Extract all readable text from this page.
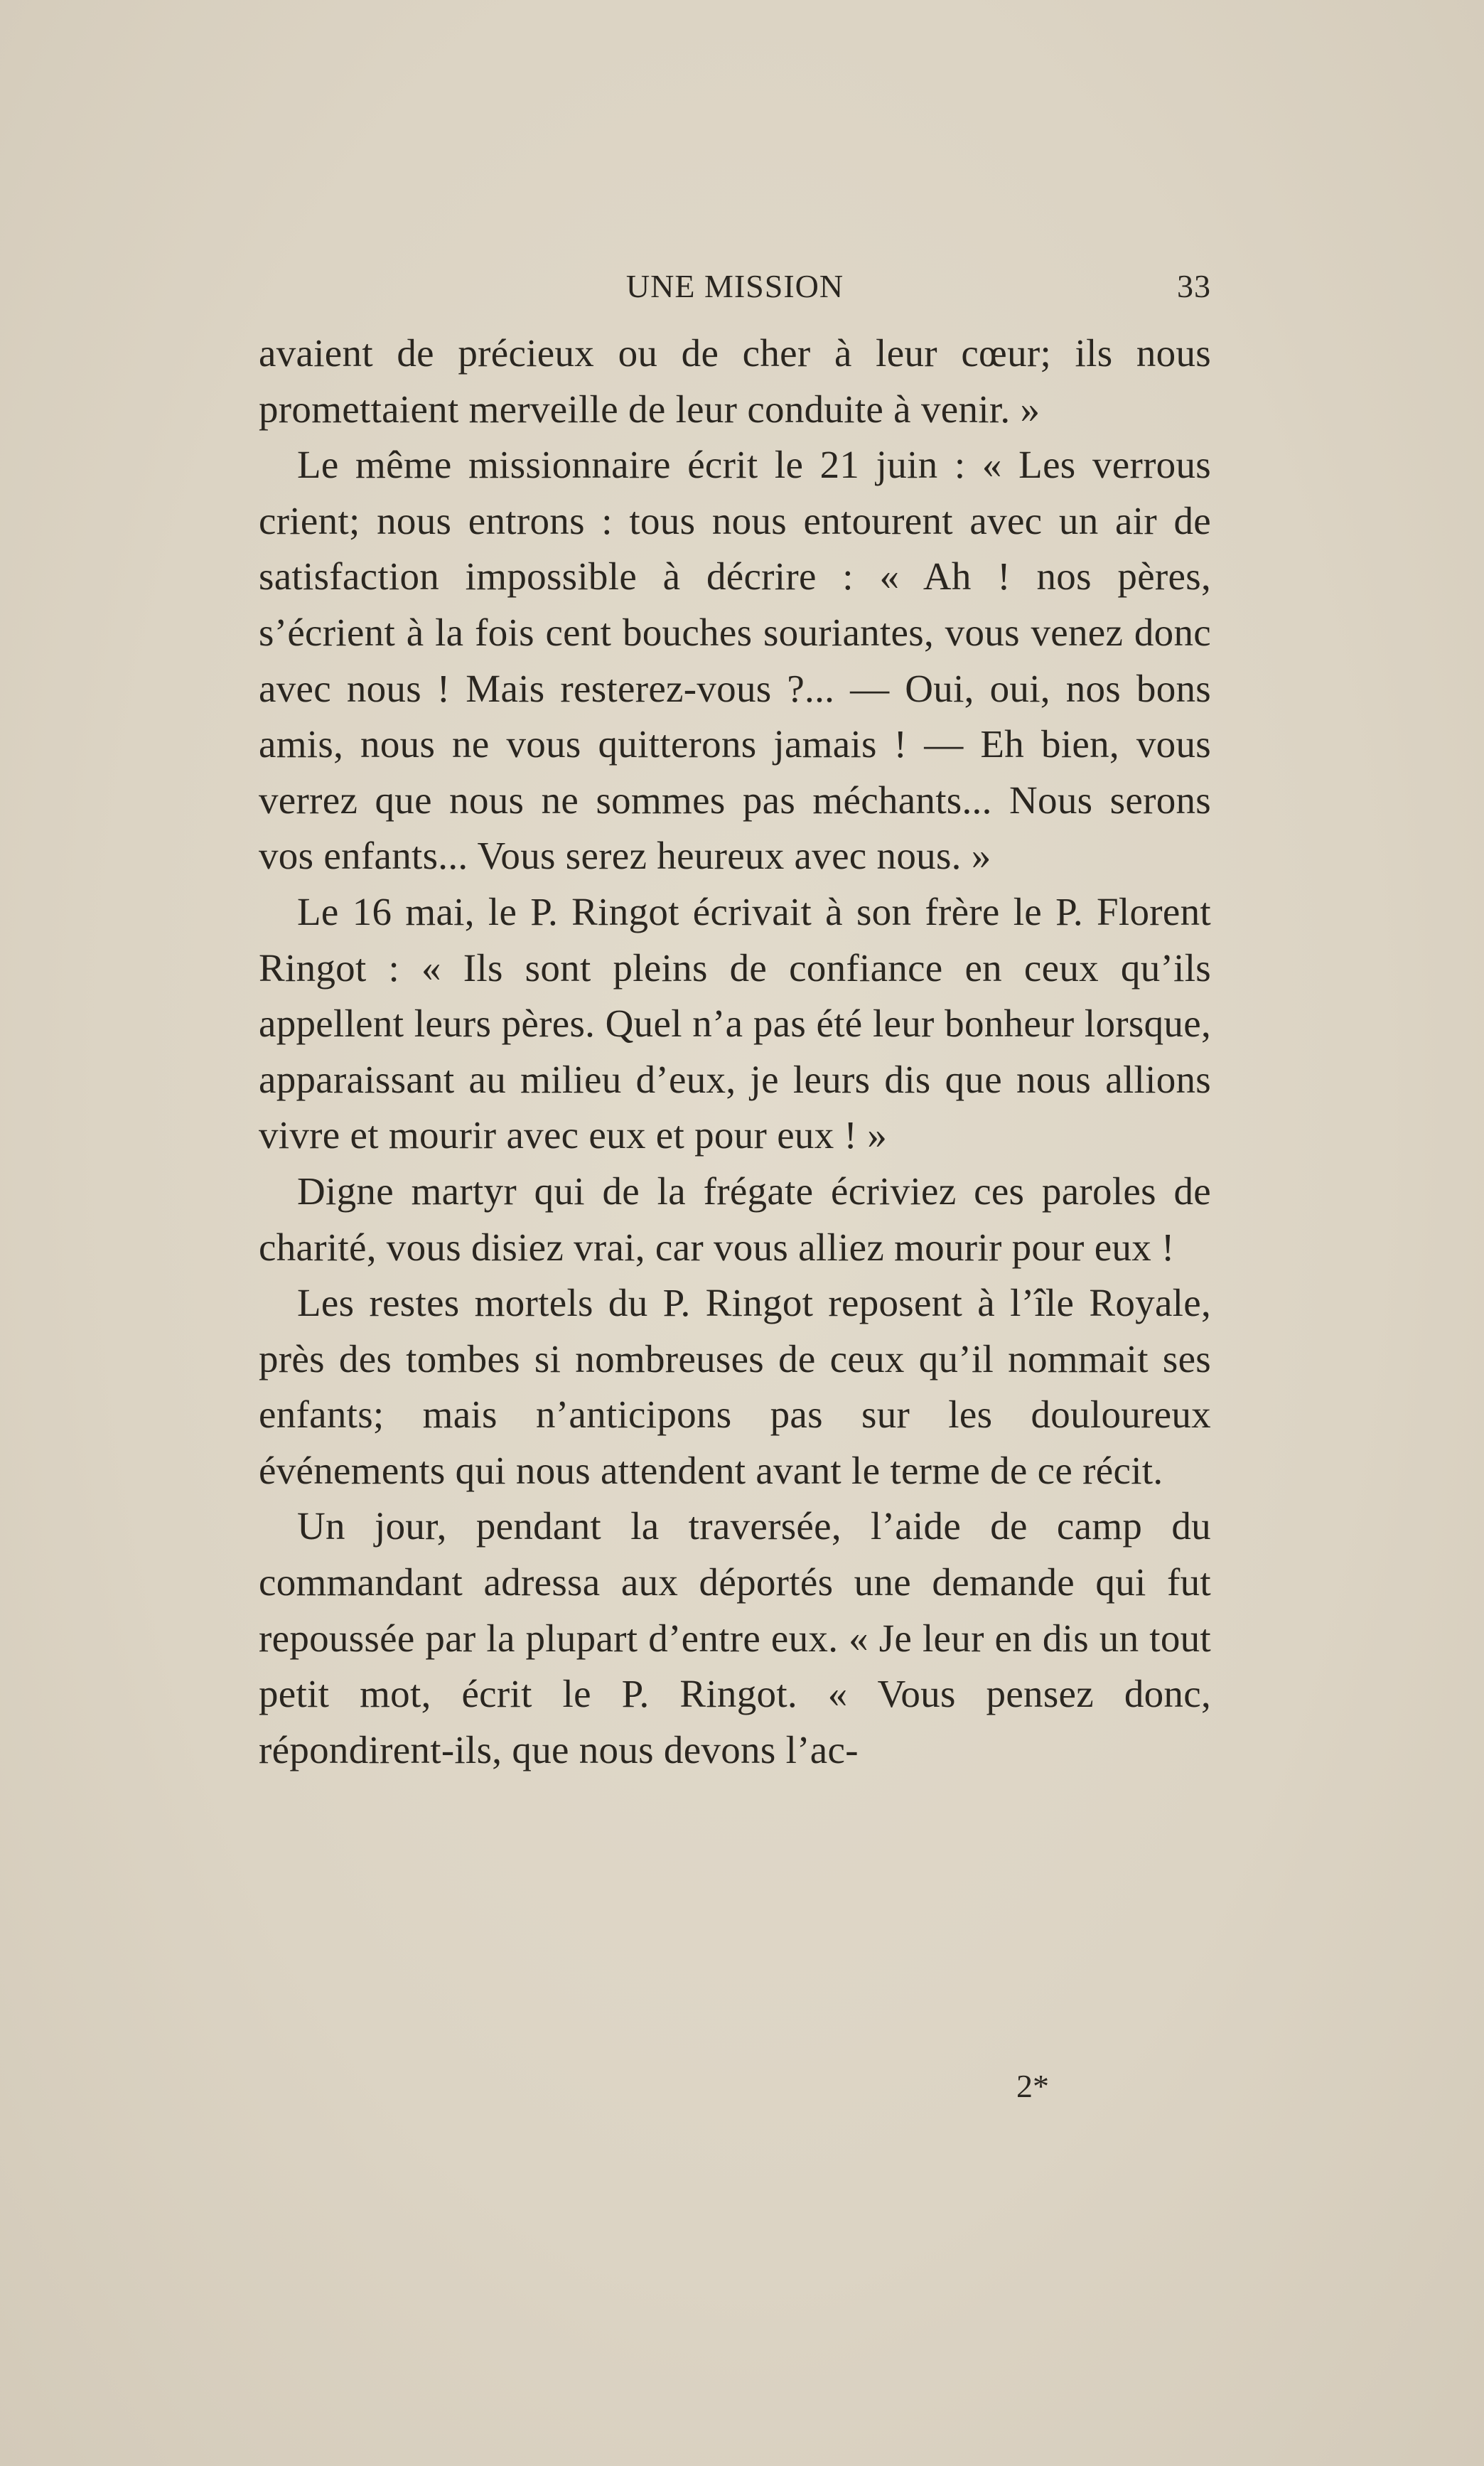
UNE MISSION	33

avaient de précieux ou de cher à leur cœur; ils nous promettaient merveille de leur conduite à venir. »

Le même missionnaire écrit le 21 juin : « Les verrous crient; nous entrons : tous nous entourent avec un air de satisfaction impossible à décrire : « Ah ! nos pères, s’écrient à la fois cent bouches souriantes, vous venez donc avec nous ! Mais resterez-vous ?... — Oui, oui, nos bons amis, nous ne vous quitterons jamais ! — Eh bien, vous verrez que nous ne sommes pas méchants... Nous serons vos enfants... Vous serez heureux avec nous. »

Le 16 mai, le P. Ringot écrivait à son frère le P. Florent Ringot : « Ils sont pleins de confiance en ceux qu’ils appellent leurs pères. Quel n’a pas été leur bonheur lorsque, apparaissant au milieu d’eux, je leurs dis que nous allions vivre et mourir avec eux et pour eux ! »

Digne martyr qui de la frégate écriviez ces paroles de charité, vous disiez vrai, car vous alliez mourir pour eux !

Les restes mortels du P. Ringot reposent à l’île Royale, près des tombes si nombreuses de ceux qu’il nommait ses enfants; mais n’anticipons pas sur les douloureux événements qui nous attendent avant le terme de ce récit.

Un jour, pendant la traversée, l’aide de camp du commandant adressa aux déportés une demande qui fut repoussée par la plupart d’entre eux. « Je leur en dis un tout petit mot, écrit le P. Ringot. « Vous pensez donc, répondirent-ils, que nous devons l’ac-

2*
